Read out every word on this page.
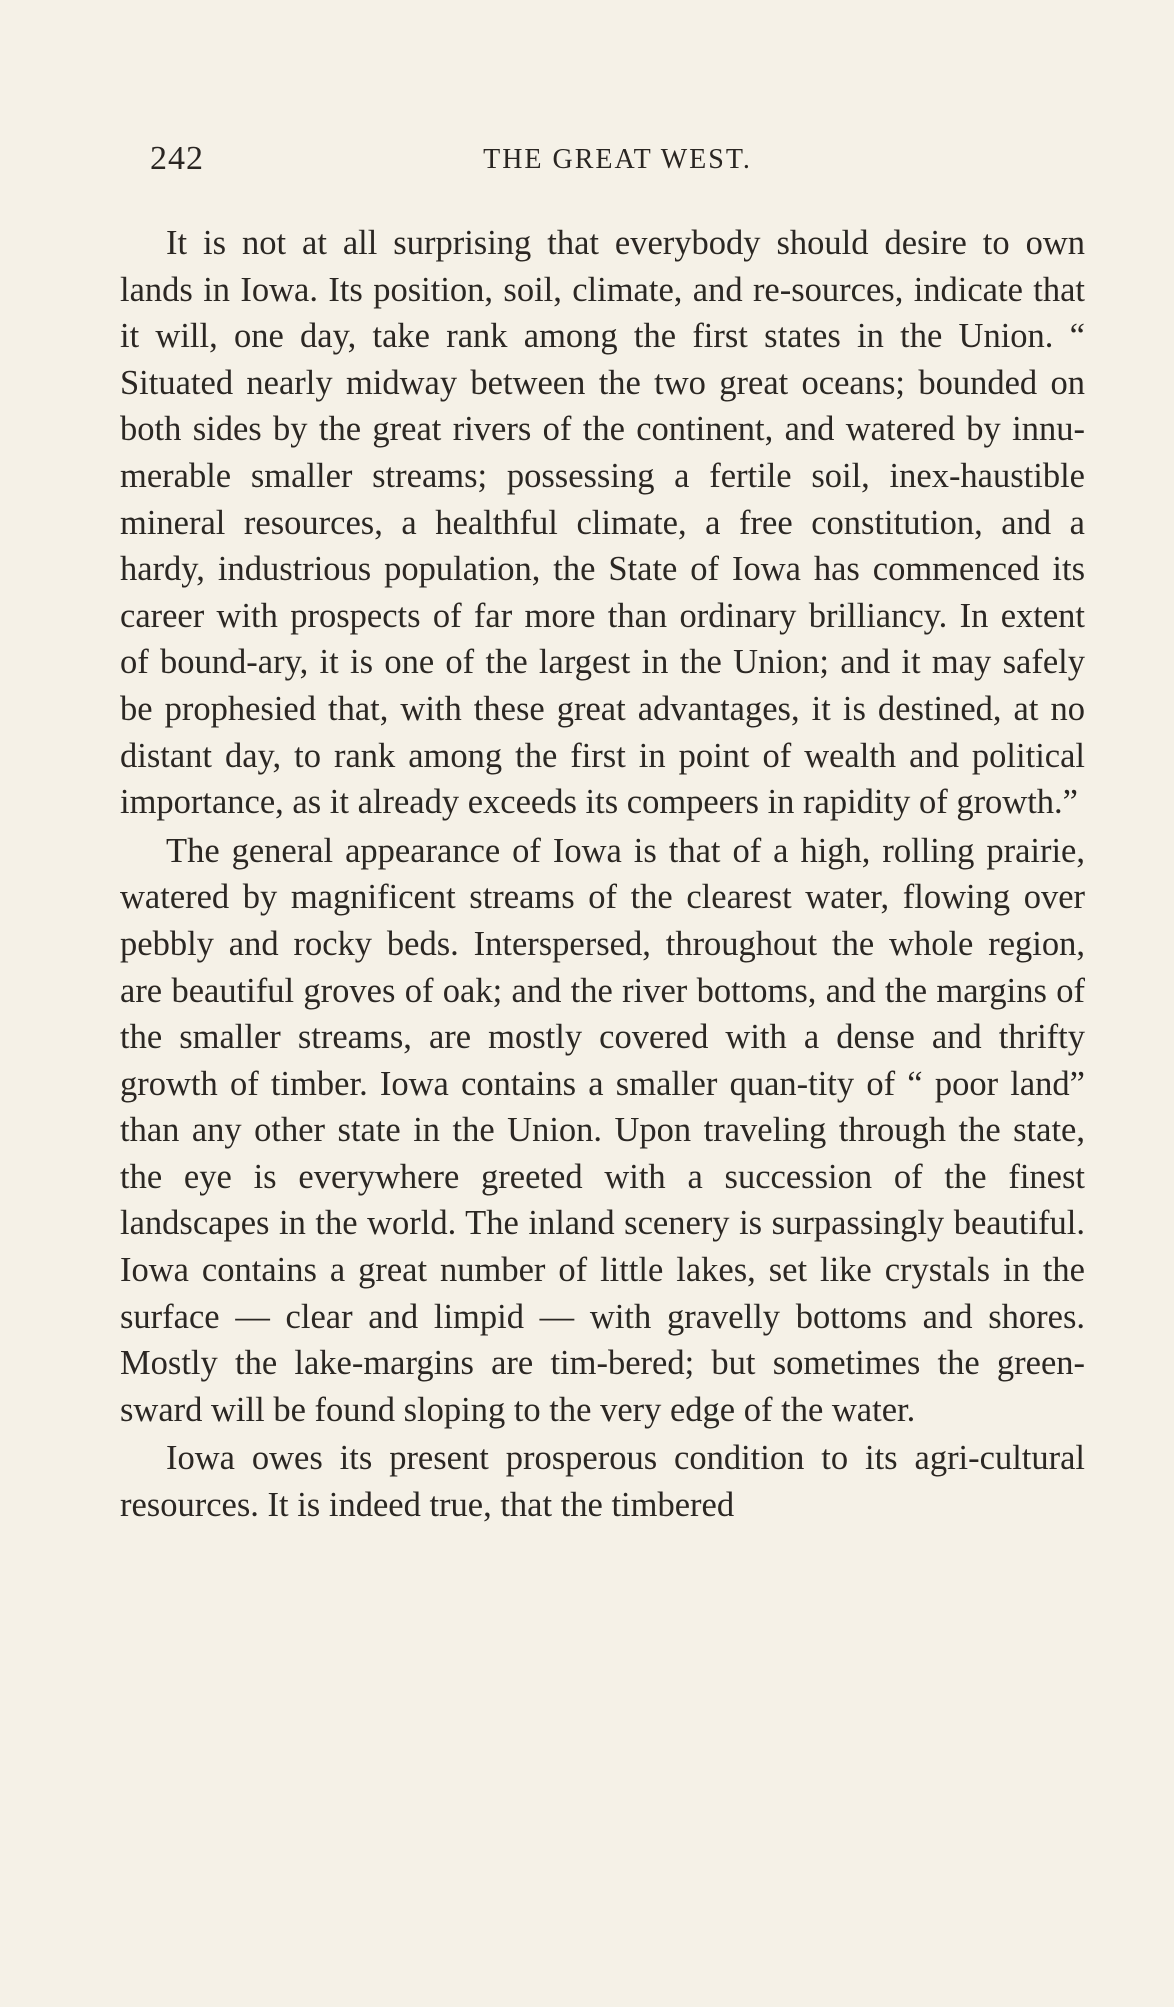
242	THE GREAT WEST.

It is not at all surprising that everybody should desire to own lands in Iowa. Its position, soil, climate, and re-sources, indicate that it will, one day, take rank among the first states in the Union. “ Situated nearly midway between the two great oceans; bounded on both sides by the great rivers of the continent, and watered by innu-merable smaller streams; possessing a fertile soil, inex-haustible mineral resources, a healthful climate, a free constitution, and a hardy, industrious population, the State of Iowa has commenced its career with prospects of far more than ordinary brilliancy. In extent of bound-ary, it is one of the largest in the Union; and it may safely be prophesied that, with these great advantages, it is destined, at no distant day, to rank among the first in point of wealth and political importance, as it already exceeds its compeers in rapidity of growth.”

The general appearance of Iowa is that of a high, rolling prairie, watered by magnificent streams of the clearest water, flowing over pebbly and rocky beds. Interspersed, throughout the whole region, are beautiful groves of oak; and the river bottoms, and the margins of the smaller streams, are mostly covered with a dense and thrifty growth of timber. Iowa contains a smaller quan-tity of “ poor land” than any other state in the Union. Upon traveling through the state, the eye is everywhere greeted with a succession of the finest landscapes in the world. The inland scenery is surpassingly beautiful. Iowa contains a great number of little lakes, set like crystals in the surface — clear and limpid — with gravelly bottoms and shores. Mostly the lake-margins are tim-bered; but sometimes the green-sward will be found sloping to the very edge of the water.

Iowa owes its present prosperous condition to its agri-cultural resources. It is indeed true, that the timbered
